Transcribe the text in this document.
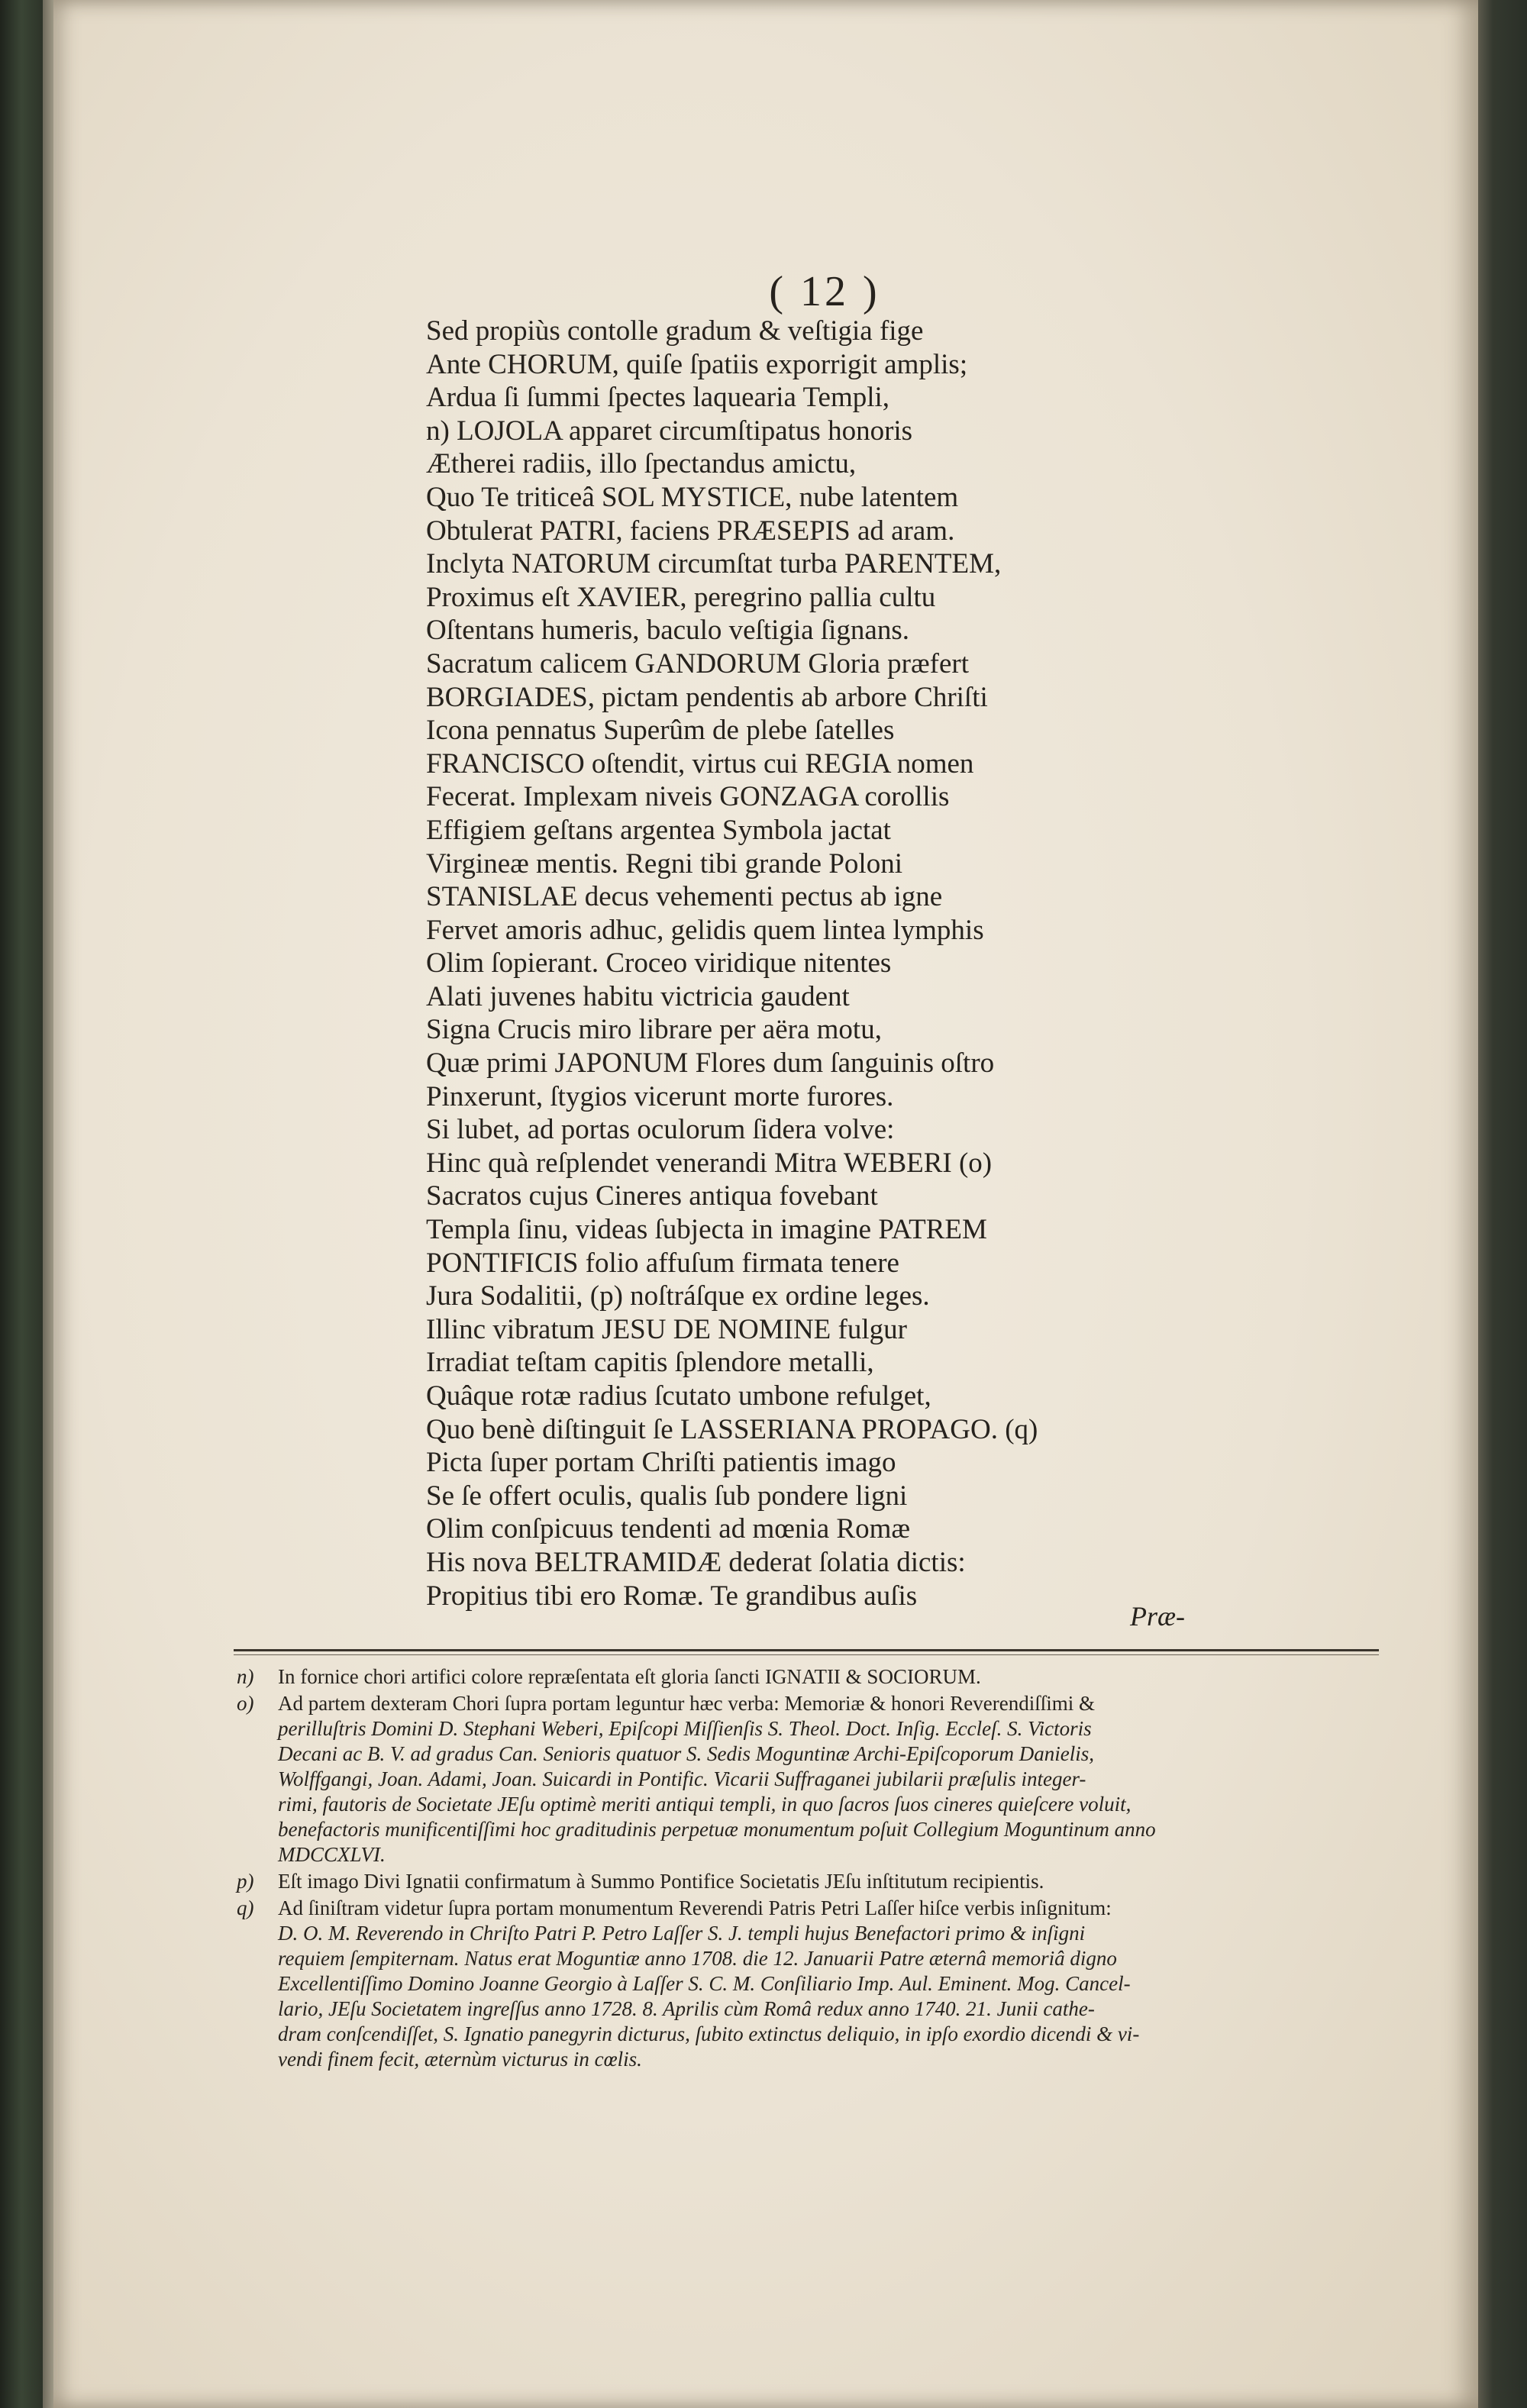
( 12 )
Sed propiùs contolle gradum & veſtigia fige
Ante CHORUM, quiſe ſpatiis exporrigit amplis;
Ardua ſi ſummi ſpectes laquearia Templi,
n) LOJOLA apparet circumſtipatus honoris
Ætherei radiis, illo ſpectandus amictu,
Quo Te triticeâ SOL MYSTICE, nube latentem
Obtulerat PATRI, faciens PRÆSEPIS ad aram.
Inclyta NATORUM circumſtat turba PARENTEM,
Proximus eſt XAVIER, peregrino pallia cultu
Oſtentans humeris, baculo veſtigia ſignans.
Sacratum calicem GANDORUM Gloria præfert
BORGIADES, pictam pendentis ab arbore Chriſti
Icona pennatus Superûm de plebe ſatelles
FRANCISCO oſtendit, virtus cui REGIA nomen
Fecerat. Implexam niveis GONZAGA corollis
Effigiem geſtans argentea Symbola jactat
Virgineæ mentis. Regni tibi grande Poloni
STANISLAE decus vehementi pectus ab igne
Fervet amoris adhuc, gelidis quem lintea lymphis
Olim ſopierant. Croceo viridique nitentes
Alati juvenes habitu victricia gaudent
Signa Crucis miro librare per aëra motu,
Quæ primi JAPONUM Flores dum ſanguinis oſtro
Pinxerunt, ſtygios vicerunt morte furores.
Si lubet, ad portas oculorum ſidera volve:
Hinc quà reſplendet venerandi Mitra WEBERI (o)
Sacratos cujus Cineres antiqua fovebant
Templa ſinu, videas ſubjecta in imagine PATREM
PONTIFICIS folio affuſum firmata tenere
Jura Sodalitii, (p) noſtráſque ex ordine leges.
Illinc vibratum JESU DE NOMINE fulgur
Irradiat teſtam capitis ſplendore metalli,
Quâque rotæ radius ſcutato umbone refulget,
Quo benè diſtinguit ſe LASSERIANA PROPAGO. (q)
Picta ſuper portam Chriſti patientis imago
Se ſe offert oculis, qualis ſub pondere ligni
Olim conſpicuus tendenti ad mœnia Romæ
His nova BELTRAMIDÆ dederat ſolatia dictis:
Propitius tibi ero Romæ. Te grandibus auſis
Præ-
n) In fornice chori artifici colore repræſentata eſt gloria ſancti IGNATII & SOCIORUM.
o) Ad partem dexteram Chori ſupra portam leguntur hæc verba: Memoriæ & honori Reverendiſſimi &
perilluſtris Domini D. Stephani Weberi, Epiſcopi Miſſienſis S. Theol. Doct. Inſig. Eccleſ. S. Victoris
Decani ac B. V. ad gradus Can. Senioris quatuor S. Sedis Moguntinæ Archi-Epiſcoporum Danielis,
Wolffgangi, Joan. Adami, Joan. Suicardi in Pontific. Vicarii Suffraganei jubilarii præſulis integer-
rimi, fautoris de Societate JEſu optimè meriti antiqui templi, in quo ſacros ſuos cineres quieſcere voluit,
benefactoris munificentiſſimi hoc graditudinis perpetuæ monumentum poſuit Collegium Moguntinum anno
MDCCXLVI.
p) Eſt imago Divi Ignatii confirmatum à Summo Pontifice Societatis JEſu inſtitutum recipientis.
q) Ad ſiniſtram videtur ſupra portam monumentum Reverendi Patris Petri Laſſer hiſce verbis inſignitum:
D. O. M. Reverendo in Chriſto Patri P. Petro Laſſer S. J. templi hujus Benefactori primo & inſigni
requiem ſempiternam. Natus erat Moguntiæ anno 1708. die 12. Januarii Patre æternâ memoriâ digno
Excellentiſſimo Domino Joanne Georgio à Laſſer S. C. M. Conſiliario Imp. Aul. Eminent. Mog. Cancel-
lario, JEſu Societatem ingreſſus anno 1728. 8. Aprilis cùm Româ redux anno 1740. 21. Junii cathe-
dram conſcendiſſet, S. Ignatio panegyrin dicturus, ſubito extinctus deliquio, in ipſo exordio dicendi & vi-
vendi finem fecit, æternùm victurus in cœlis.
